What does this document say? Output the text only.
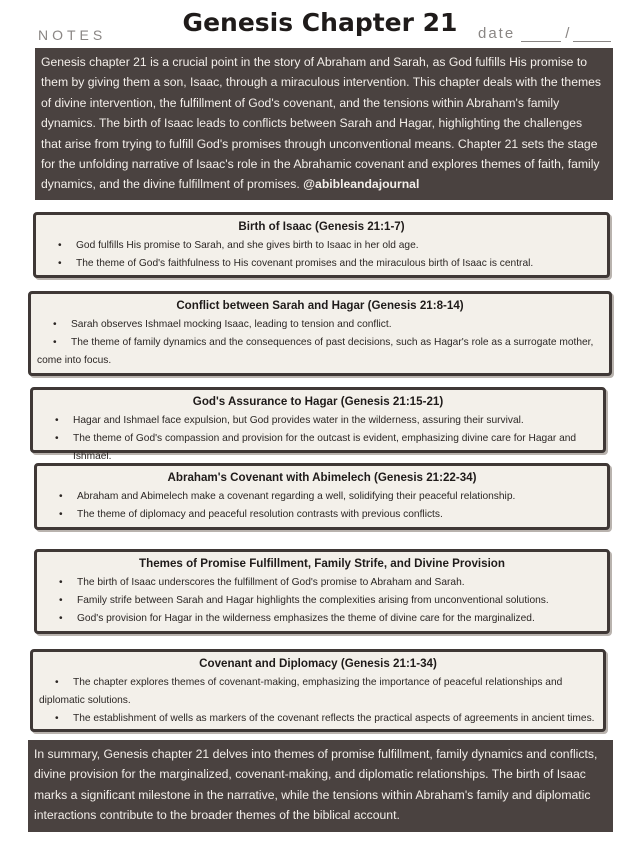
NOTES	Genesis Chapter 21	date	/
Genesis chapter 21 is a crucial point in the story of Abraham and Sarah, as God fulfills His promise to them by giving them a son, Isaac, through a miraculous intervention. This chapter deals with the themes of divine intervention, the fulfillment of God's covenant, and the tensions within Abraham's family dynamics. The birth of Isaac leads to conflicts between Sarah and Hagar, highlighting the challenges that arise from trying to fulfill God's promises through unconventional means. Chapter 21 sets the stage for the unfolding narrative of Isaac's role in the Abrahamic covenant and explores themes of faith, family dynamics, and the divine fulfillment of promises. @abibleandajournal
Birth of Isaac (Genesis 21:1-7)
• God fulfills His promise to Sarah, and she gives birth to Isaac in her old age.
• The theme of God's faithfulness to His covenant promises and the miraculous birth of Isaac is central.
Conflict between Sarah and Hagar (Genesis 21:8-14)
• Sarah observes Ishmael mocking Isaac, leading to tension and conflict.
• The theme of family dynamics and the consequences of past decisions, such as Hagar's role as a surrogate mother, come into focus.
God's Assurance to Hagar (Genesis 21:15-21)
• Hagar and Ishmael face expulsion, but God provides water in the wilderness, assuring their survival.
• The theme of God's compassion and provision for the outcast is evident, emphasizing divine care for Hagar and Ishmael.
Abraham's Covenant with Abimelech (Genesis 21:22-34)
• Abraham and Abimelech make a covenant regarding a well, solidifying their peaceful relationship.
• The theme of diplomacy and peaceful resolution contrasts with previous conflicts.
Themes of Promise Fulfillment, Family Strife, and Divine Provision
• The birth of Isaac underscores the fulfillment of God's promise to Abraham and Sarah.
• Family strife between Sarah and Hagar highlights the complexities arising from unconventional solutions.
• God's provision for Hagar in the wilderness emphasizes the theme of divine care for the marginalized.
Covenant and Diplomacy (Genesis 21:1-34)
• The chapter explores themes of covenant-making, emphasizing the importance of peaceful relationships and diplomatic solutions.
• The establishment of wells as markers of the covenant reflects the practical aspects of agreements in ancient times.
In summary, Genesis chapter 21 delves into themes of promise fulfillment, family dynamics and conflicts, divine provision for the marginalized, covenant-making, and diplomatic relationships. The birth of Isaac marks a significant milestone in the narrative, while the tensions within Abraham's family and diplomatic interactions contribute to the broader themes of the biblical account.
